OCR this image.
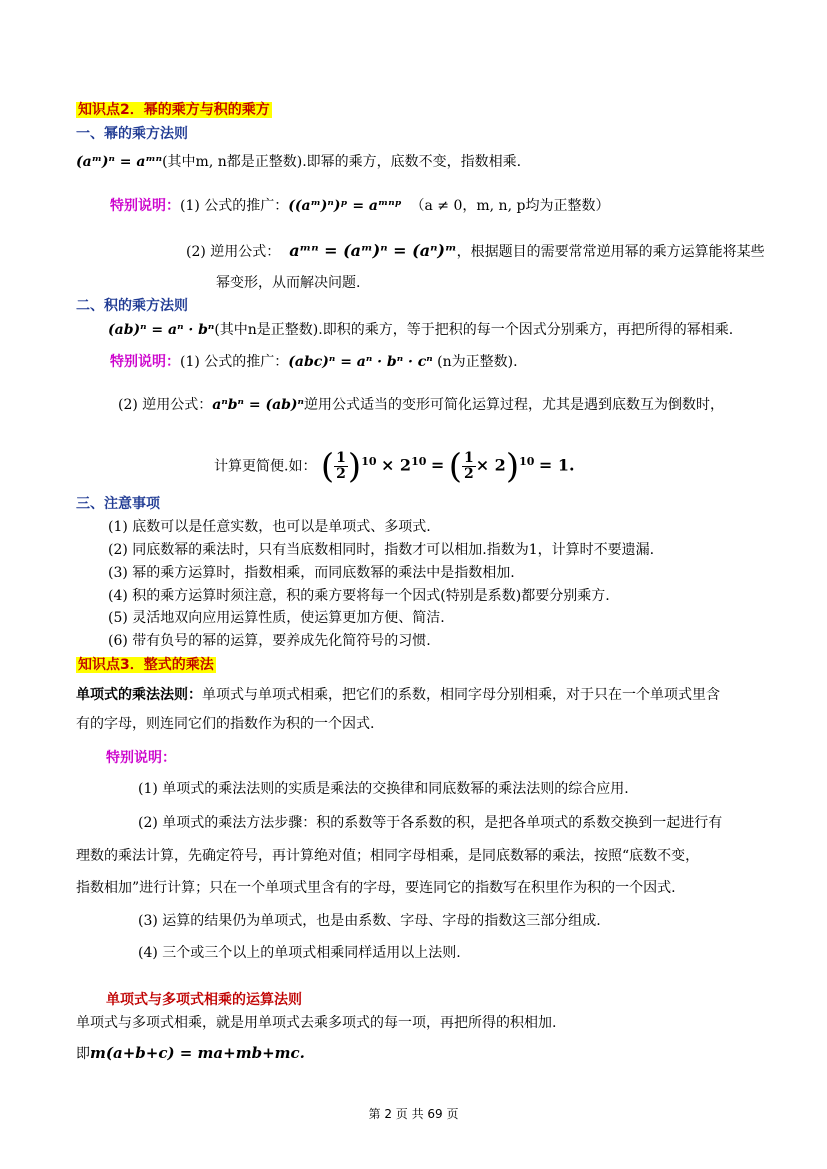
知识点2．幂的乘方与积的乘方
一、幂的乘方法则
(aᵐ)ⁿ = aᵐⁿ(其中m, n都是正整数).即幂的乘方，底数不变，指数相乘.
特别说明：(1) 公式的推广：((aᵐ)ⁿ)ᵖ = aᵐⁿᵖ （a ≠ 0，m, n, p均为正整数）
(2) 逆用公式： aᵐⁿ = (aᵐ)ⁿ = (aⁿ)ᵐ，根据题目的需要常常逆用幂的乘方运算能将某些
幂变形，从而解决问题.
二、积的乘方法则
(ab)ⁿ = aⁿ · bⁿ(其中n是正整数).即积的乘方，等于把积的每一个因式分别乘方，再把所得的幂相乘.
特别说明：(1) 公式的推广：(abc)ⁿ = aⁿ · bⁿ · cⁿ (n为正整数).
(2) 逆用公式：aⁿbⁿ = (ab)ⁿ逆用公式适当的变形可简化运算过程，尤其是遇到底数互为倒数时，
计算更简便.如： ( $\frac{1}{2} )^{10} \times 2^{10}$ = ( $\frac{1}{2} \times 2)^{10} = 1$.
三、注意事项
(1) 底数可以是任意实数，也可以是单项式、多项式.
(2) 同底数幂的乘法时，只有当底数相同时，指数才可以相加.指数为1，计算时不要遗漏.
(3) 幂的乘方运算时，指数相乘，而同底数幂的乘法中是指数相加.
(4) 积的乘方运算时须注意，积的乘方要将每一个因式(特别是系数)都要分别乘方.
(5) 灵活地双向应用运算性质，使运算更加方便、简洁.
(6) 带有负号的幂的运算，要养成先化简符号的习惯.
知识点3．整式的乘法
单项式的乘法法则：单项式与单项式相乘，把它们的系数，相同字母分别相乘，对于只在一个单项式里含
有的字母，则连同它们的指数作为积的一个因式.
特别说明：
(1) 单项式的乘法法则的实质是乘法的交换律和同底数幂的乘法法则的综合应用.
(2) 单项式的乘法方法步骤：积的系数等于各系数的积，是把各单项式的系数交换到一起进行有
理数的乘法计算，先确定符号，再计算绝对值；相同字母相乘，是同底数幂的乘法，按照“底数不变，
指数相加”进行计算；只在一个单项式里含有的字母，要连同它的指数写在积里作为积的一个因式.
(3) 运算的结果仍为单项式，也是由系数、字母、字母的指数这三部分组成.
(4) 三个或三个以上的单项式相乘同样适用以上法则.
单项式与多项式相乘的运算法则
单项式与多项式相乘，就是用单项式去乘多项式的每一项，再把所得的积相加.
即m(a+b+c) = ma+mb+mc.
第 2 页 共 69 页
